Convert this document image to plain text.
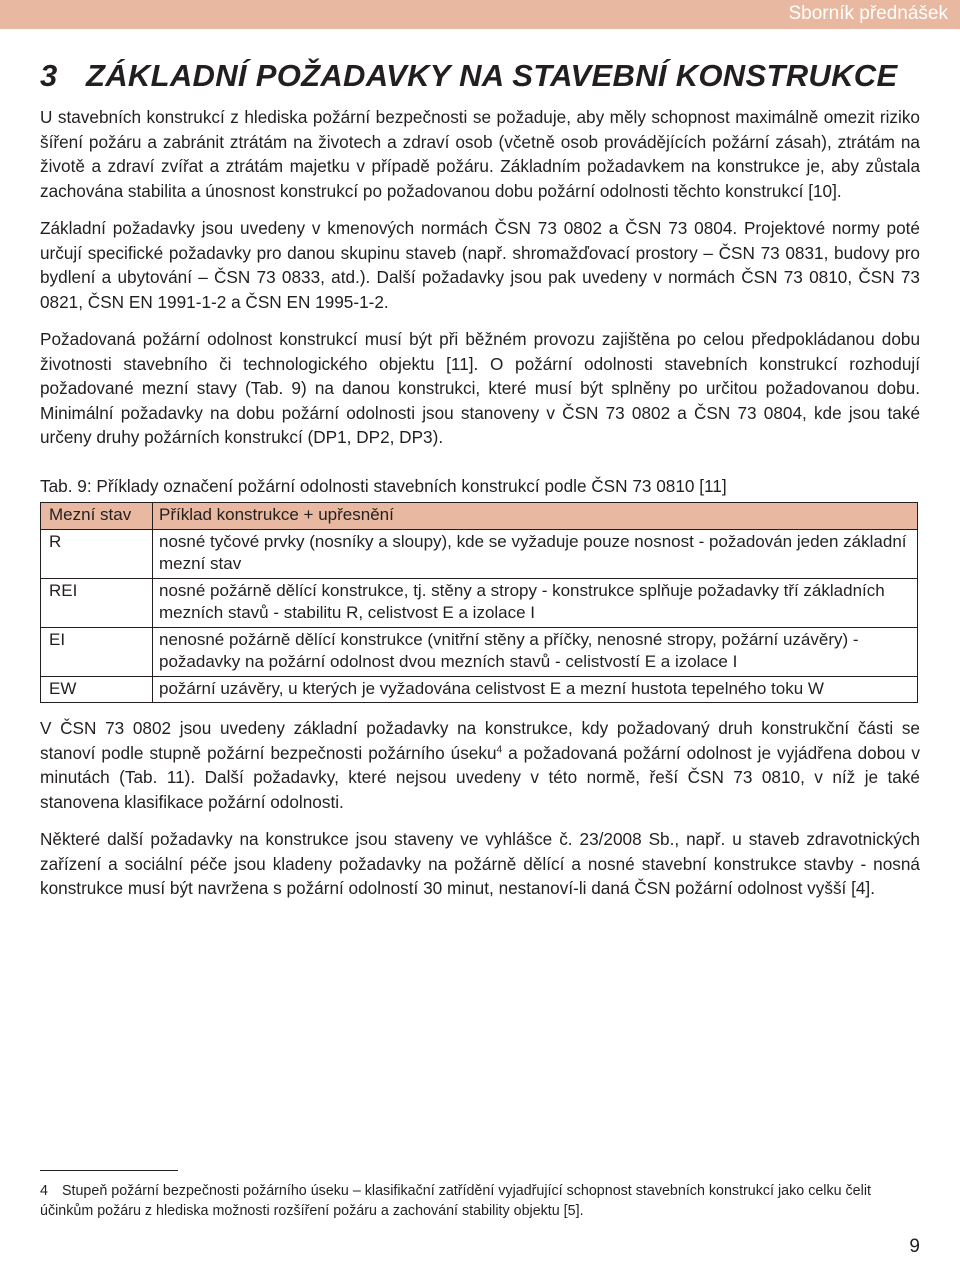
Sborník přednášek
3 ZÁKLADNÍ POŽADAVKY NA STAVEBNÍ KONSTRUKCE

U stavebních konstrukcí z hlediska požární bezpečnosti se požaduje, aby měly schopnost maximálně omezit riziko šíření požáru a zabránit ztrátám na životech a zdraví osob (včetně osob provádějících požární zásah), ztrátám na životě a zdraví zvířat a ztrátám majetku v případě požáru. Základním požadavkem na konstrukce je, aby zůstala zachována stabilita a únosnost konstrukcí po požadovanou dobu požární odolnosti těchto konstrukcí [10].

Základní požadavky jsou uvedeny v kmenových normách ČSN 73 0802 a ČSN 73 0804. Projektové normy poté určují specifické požadavky pro danou skupinu staveb (např. shromažďovací prostory – ČSN 73 0831, budovy pro bydlení a ubytování – ČSN 73 0833, atd.). Další požadavky jsou pak uvedeny v normách ČSN 73 0810, ČSN 73 0821, ČSN EN 1991-1-2 a ČSN EN 1995-1-2.

Požadovaná požární odolnost konstrukcí musí být při běžném provozu zajištěna po celou předpokládanou dobu životnosti stavebního či technologického objektu [11]. O požární odolnosti stavebních konstrukcí rozhodují požadované mezní stavy (Tab. 9) na danou konstrukci, které musí být splněny po určitou požadovanou dobu. Minimální požadavky na dobu požární odolnosti jsou stanoveny v ČSN 73 0802 a ČSN 73 0804, kde jsou také určeny druhy požárních konstrukcí (DP1, DP2, DP3).

Tab. 9: Příklady označení požární odolnosti stavebních konstrukcí podle ČSN 73 0810 [11]
Mezní stav	Příklad konstrukce + upřesnění
R	nosné tyčové prvky (nosníky a sloupy), kde se vyžaduje pouze nosnost - požadován jeden základní mezní stav
REI	nosné požárně dělící konstrukce, tj. stěny a stropy - konstrukce splňuje požadavky tří základních mezních stavů - stabilitu R, celistvost E a izolace I
EI	nenosné požárně dělící konstrukce (vnitřní stěny a příčky, nenosné stropy, požární uzávěry) - požadavky na požární odolnost dvou mezních stavů - celistvostí E a izolace I
EW	požární uzávěry, u kterých je vyžadována celistvost E a mezní hustota tepelného toku W

V ČSN 73 0802 jsou uvedeny základní požadavky na konstrukce, kdy požadovaný druh konstrukční části se stanoví podle stupně požární bezpečnosti požárního úseku$^4$ a požadovaná požární odolnost je vyjádřena dobou v minutách (Tab. 11). Další požadavky, které nejsou uvedeny v této normě, řeší ČSN 73 0810, v níž je také stanovena klasifikace požární odolnosti.

Některé další požadavky na konstrukce jsou staveny ve vyhlášce č. 23/2008 Sb., např. u staveb zdravotnických zařízení a sociální péče jsou kladeny požadavky na požárně dělící a nosné stavební konstrukce stavby - nosná konstrukce musí být navržena s požární odolností 30 minut, nestanoví-li daná ČSN požární odolnost vyšší [4].

4 Stupeň požární bezpečnosti požárního úseku – klasifikační zatřídění vyjadřující schopnost stavebních konstrukcí jako celku čelit účinkům požáru z hlediska možnosti rozšíření požáru a zachování stability objektu [5].

9
